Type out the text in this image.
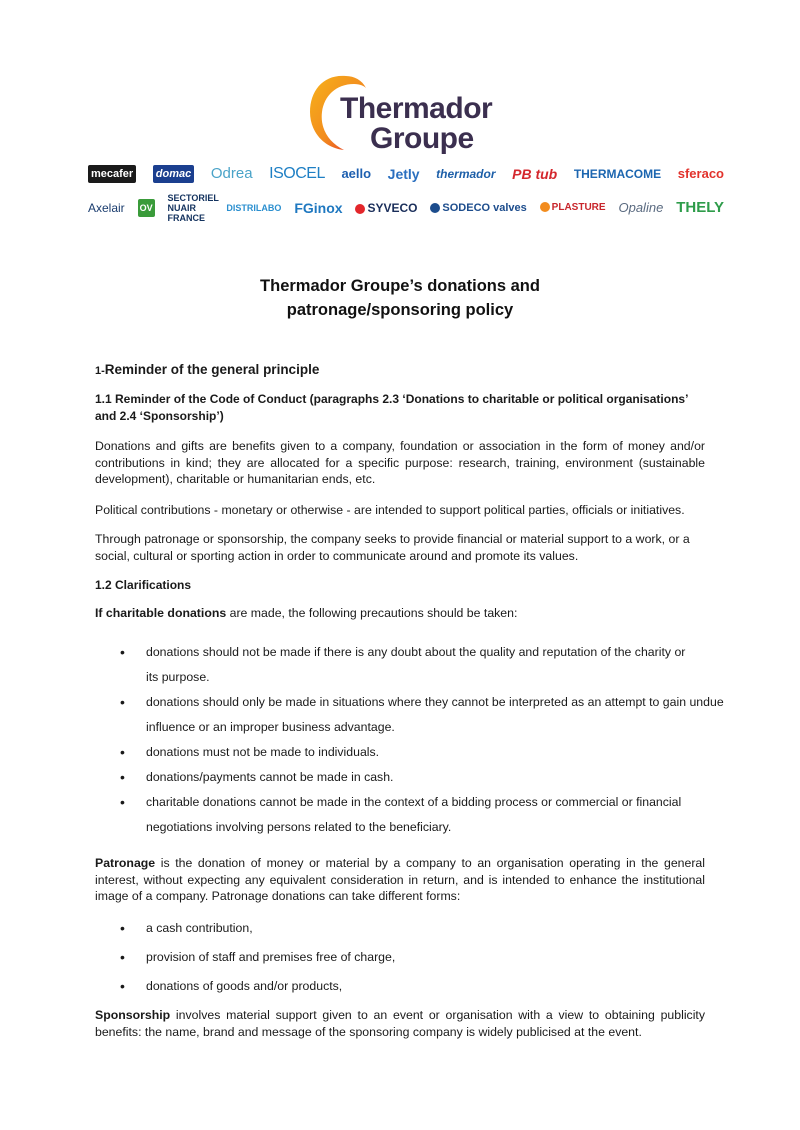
Thermador
Groupe
mecafer domac Odrea ISOCEL aello Jetly thermador PB tub THERMACOME sferaco
Axelair OV
SECTORIEL NUAIR FRANCE
DISTRILABO FGinox	SYVECO	SODECO valves	PLASTURE Opaline THELY
Thermador Groupe’s donations and
patronage/sponsoring policy
1-Reminder of the general principle
1.1 Reminder of the Code of Conduct (paragraphs 2.3 ‘Donations to charitable or political organisations’ and 2.4 ‘Sponsorship’)
Donations and gifts are benefits given to a company, foundation or association in the form of money and/or contributions in kind; they are allocated for a specific purpose: research, training, environment (sustainable development), charitable or humanitarian ends, etc.
Political contributions - monetary or otherwise - are intended to support political parties, officials or initiatives.
Through patronage or sponsorship, the company seeks to provide financial or material support to a work, or a social, cultural or sporting action in order to communicate around and promote its values.
1.2 Clarifications
If charitable donations are made, the following precautions should be taken:
• donations should not be made if there is any doubt about the quality and reputation of the charity or
its purpose.
• donations should only be made in situations where they cannot be interpreted as an attempt to gain undue
influence or an improper business advantage.
• donations must not be made to individuals.
• donations/payments cannot be made in cash.
• charitable donations cannot be made in the context of a bidding process or commercial or financial
negotiations involving persons related to the beneficiary.
Patronage is the donation of money or material by a company to an organisation operating in the general interest, without expecting any equivalent consideration in return, and is intended to enhance the institutional image of a company. Patronage donations can take different forms:
• a cash contribution,
• provision of staff and premises free of charge,
• donations of goods and/or products,
Sponsorship involves material support given to an event or organisation with a view to obtaining publicity benefits: the name, brand and message of the sponsoring company is widely publicised at the event.
